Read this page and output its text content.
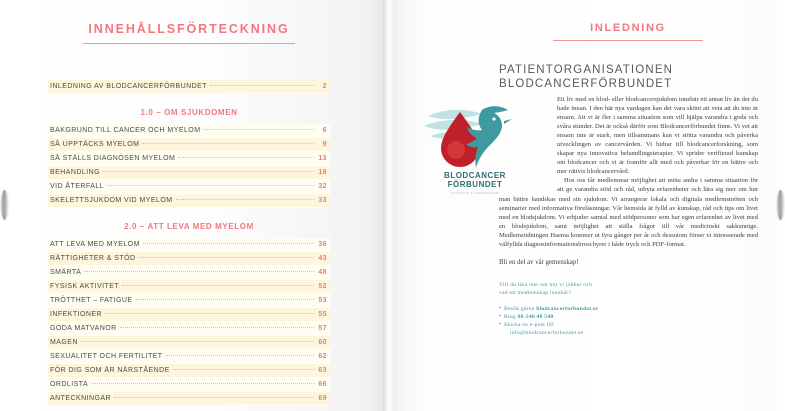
INNEHÅLLSFÖRTECKNING
INLEDNING AV BLODCANCERFÖRBUNDET	2
1.0 – OM SJUKDOMEN
BAKGRUND TILL CANCER OCH MYELOM	6
SÅ UPPTÄCKS MYELOM	9
SÅ STÄLLS DIAGNOSEN MYELOM	13
BEHANDLING	19
VID ÅTERFALL	32
SKELETTSJUKDOM VID MYELOM	33
2.0 – ATT LEVA MED MYELOM
ATT LEVA MED MYELOM	36
RÄTTIGHETER & STÖD	43
SMÄRTA	48
FYSISK AKTIVITET	52
TRÖTTHET – FATIGUE	53
INFEKTIONER	55
GODA MATVANOR	57
MAGEN	60
SEXUALITET OCH FERTILITET	62
FÖR DIG SOM ÄR NÄRSTÅENDE	63
ORDLISTA	66
ANTECKNINGAR	69
INLEDNING
PATIENTORGANISATIONEN
BLODCANCERFÖRBUNDET
BLODCANCER
FÖRBUNDET
KUNSKAP & GEMENSKAP

Ett liv med en blod- eller blodcancersjukdom innebär ett annat liv än det du hade innan. I den här nya vardagen kan det vara skönt att veta att du inte är ensam. Att vi är fler i samma situation som vill hjälpa varandra i goda och svåra stunder. Det är också därför som Blodcancerförbundet finns. Vi vet att ensam inte är stark, men tillsammans kan vi stötta varandra och påverka utvecklingen av cancervården. Vi bidrar till blodcancerforskning, som skapar nya innovativa behandlingsterapier. Vi sprider verifierad kunskap om blodcancer och vi är framför allt med och påverkar för en bättre och mer rättvis blodcancervård.

Hos oss får medlemmar möjlighet att möta andra i samma situation för att ge varandra stöd och råd, utbyta erfarenheter och lära sig mer om hur man bättre handskas med sin sjukdom. Vi arrangerar lokala och digitala medlemsmöten och seminarier med informativa föreläsningar. Vår hemsida är fylld av kunskap, råd och tips om livet med en blodsjukdom. Vi erbjuder samtal med stödpersoner som har egen erfarenhet av livet med en blodsjukdom, samt möjlighet att ställa frågor till vår medicinskt sakkunnige. Medlemstidningen Haema kommer ut fyra gånger per år och dessutom förser vi intresserade med välfyllda diagnosinformationsbroschyrer i både tryck och PDF-format.

Bli en del av vår gemenskap!
Vill du läsa mer om hur vi jobbar och
vad ett medlemskap innebär?
▪ Besök gärna blodcancerforbundet.se
▪ Ring 08-546 40 540
▪ Skicka en e-post till
info@blodcancerforbundet.se
